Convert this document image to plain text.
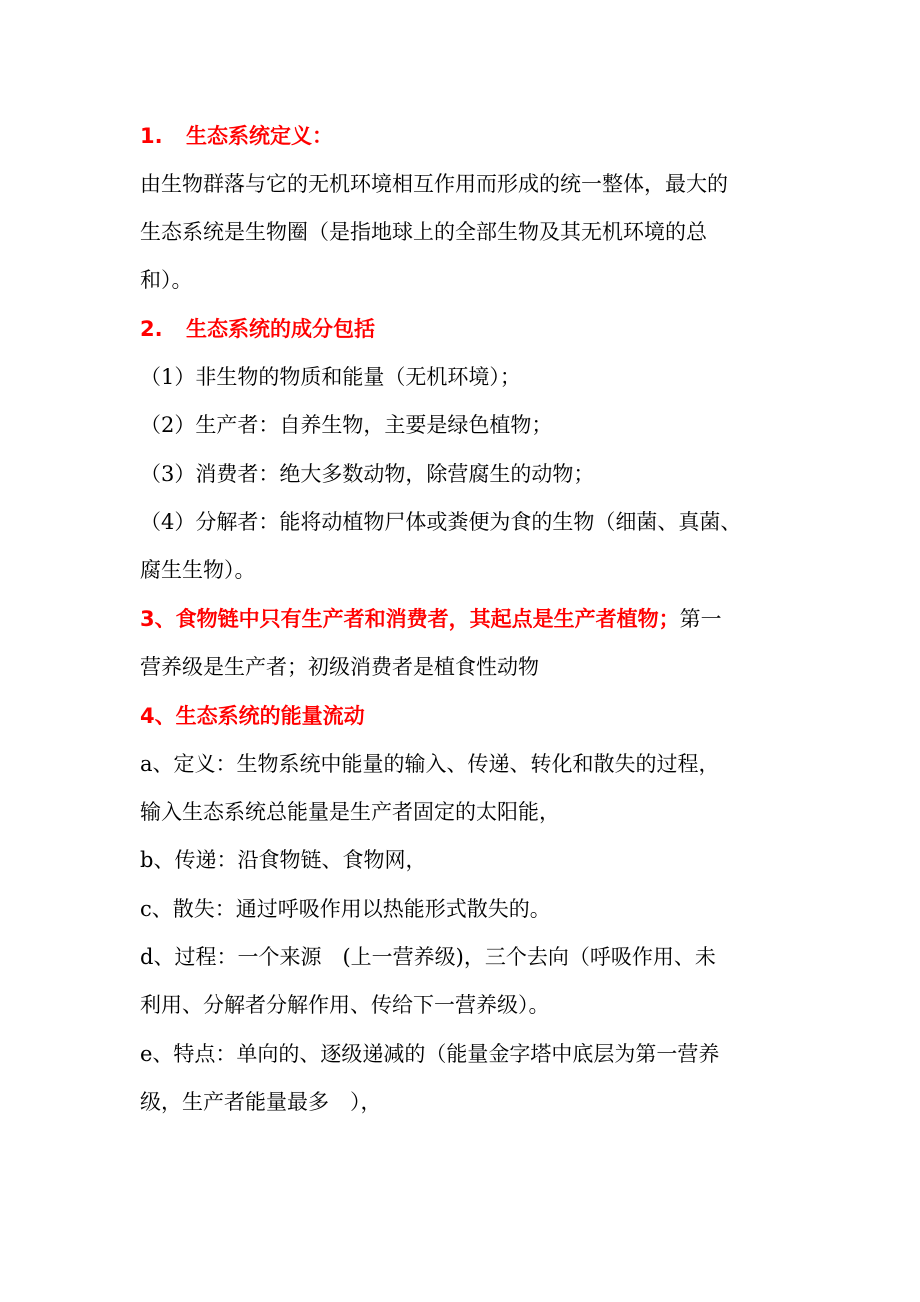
1. 生态系统定义：
由生物群落与它的无机环境相互作用而形成的统一整体，最大的
生态系统是生物圈（是指地球上的全部生物及其无机环境的总
和）。
2. 生态系统的成分包括
（1）非生物的物质和能量（无机环境）；
（2）生产者：自养生物，主要是绿色植物；
（3）消费者：绝大多数动物，除营腐生的动物；
（4）分解者：能将动植物尸体或粪便为食的生物（细菌、真菌、
腐生生物）。
3、食物链中只有生产者和消费者，其起点是生产者植物；第一
营养级是生产者；初级消费者是植食性动物
4、生态系统的能量流动
a、定义：生物系统中能量的输入、传递、转化和散失的过程，
输入生态系统总能量是生产者固定的太阳能，
b、传递：沿食物链、食物网，
c、散失：通过呼吸作用以热能形式散失的。
d、过程：一个来源　(上一营养级)，三个去向（呼吸作用、未
利用、分解者分解作用、传给下一营养级）。
e、特点：单向的、逐级递减的（能量金字塔中底层为第一营养
级，生产者能量最多　），
